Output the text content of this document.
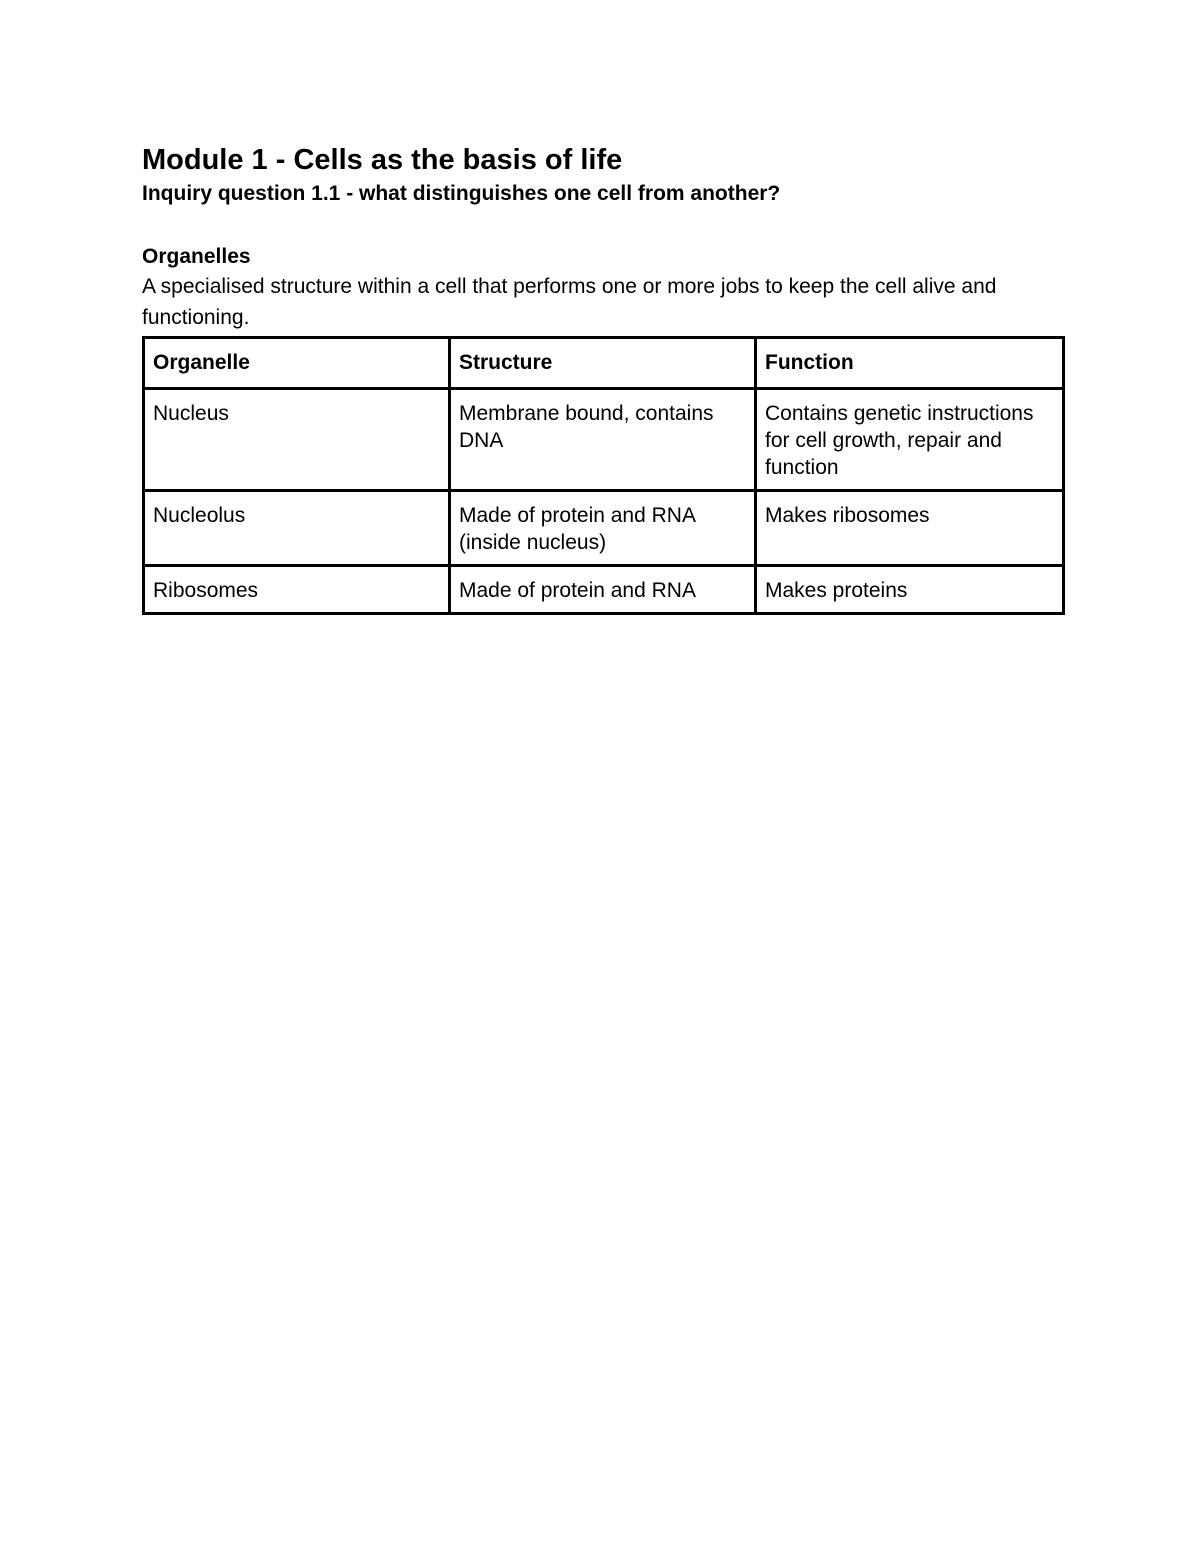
Module 1 - Cells as the basis of life
Inquiry question 1.1 - what distinguishes one cell from another?
Organelles

A specialised structure within a cell that performs one or more jobs to keep the cell alive and functioning.

Organelle	Structure	Function
Nucleus	Membrane bound, contains DNA	Contains genetic instructions for cell growth, repair and function
Nucleolus	Made of protein and RNA (inside nucleus)	Makes ribosomes
Ribosomes	Made of protein and RNA	Makes proteins
